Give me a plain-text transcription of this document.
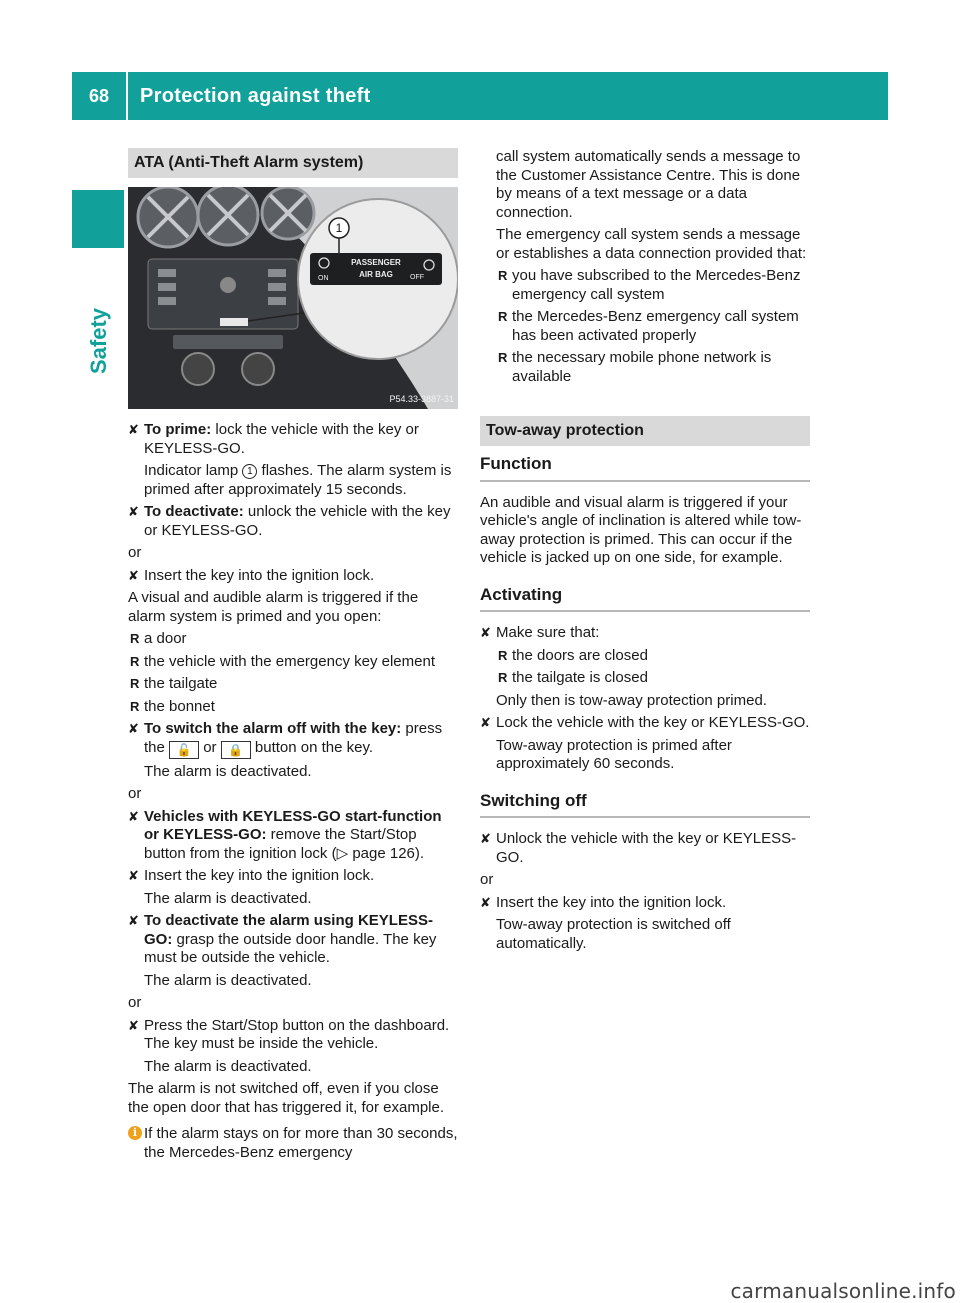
68	Protection against theft
Safety
ATA (Anti-Theft Alarm system)
1
ON
PASSENGER
AIR BAG OFF
P54.33-3887-31
✘ To prime: lock the vehicle with the key or KEYLESS-GO.

Indicator lamp 1 flashes. The alarm system is primed after approximately 15 seconds.

✘ To deactivate: unlock the vehicle with the key or KEYLESS-GO.

or

✘ Insert the key into the ignition lock.

A visual and audible alarm is triggered if the alarm system is primed and you open:

R a door
R the vehicle with the emergency key element
R the tailgate
R the bonnet
✘ To switch the alarm off with the key: press the 🔓 or 🔒 button on the key.

The alarm is deactivated.

or

✘ Vehicles with KEYLESS-GO start-function or KEYLESS-GO: remove the Start/Stop button from the ignition lock (▷ page 126).
✘ Insert the key into the ignition lock.

The alarm is deactivated.

✘ To deactivate the alarm using KEYLESS-GO: grasp the outside door handle. The key must be outside the vehicle.

The alarm is deactivated.

or

✘ Press the Start/Stop button on the dashboard. The key must be inside the vehicle.

The alarm is deactivated.

The alarm is not switched off, even if you close the open door that has triggered it, for example.

i If the alarm stays on for more than 30 seconds, the Mercedes-Benz emergency

call system automatically sends a message to the Customer Assistance Centre. This is done by means of a text message or a data connection.

The emergency call system sends a message or establishes a data connection provided that:

R you have subscribed to the Mercedes-Benz emergency call system
R the Mercedes-Benz emergency call system has been activated properly
R the necessary mobile phone network is available
Tow-away protection
Function

An audible and visual alarm is triggered if your vehicle's angle of inclination is altered while tow-away protection is primed. This can occur if the vehicle is jacked up on one side, for example.

Activating
✘ Make sure that:
R the doors are closed
R the tailgate is closed

Only then is tow-away protection primed.

✘ Lock the vehicle with the key or KEYLESS-GO.

Tow-away protection is primed after approximately 60 seconds.

Switching off
✘ Unlock the vehicle with the key or KEYLESS-GO.

or

✘ Insert the key into the ignition lock.

Tow-away protection is switched off automatically.

carmanualsonline.info
